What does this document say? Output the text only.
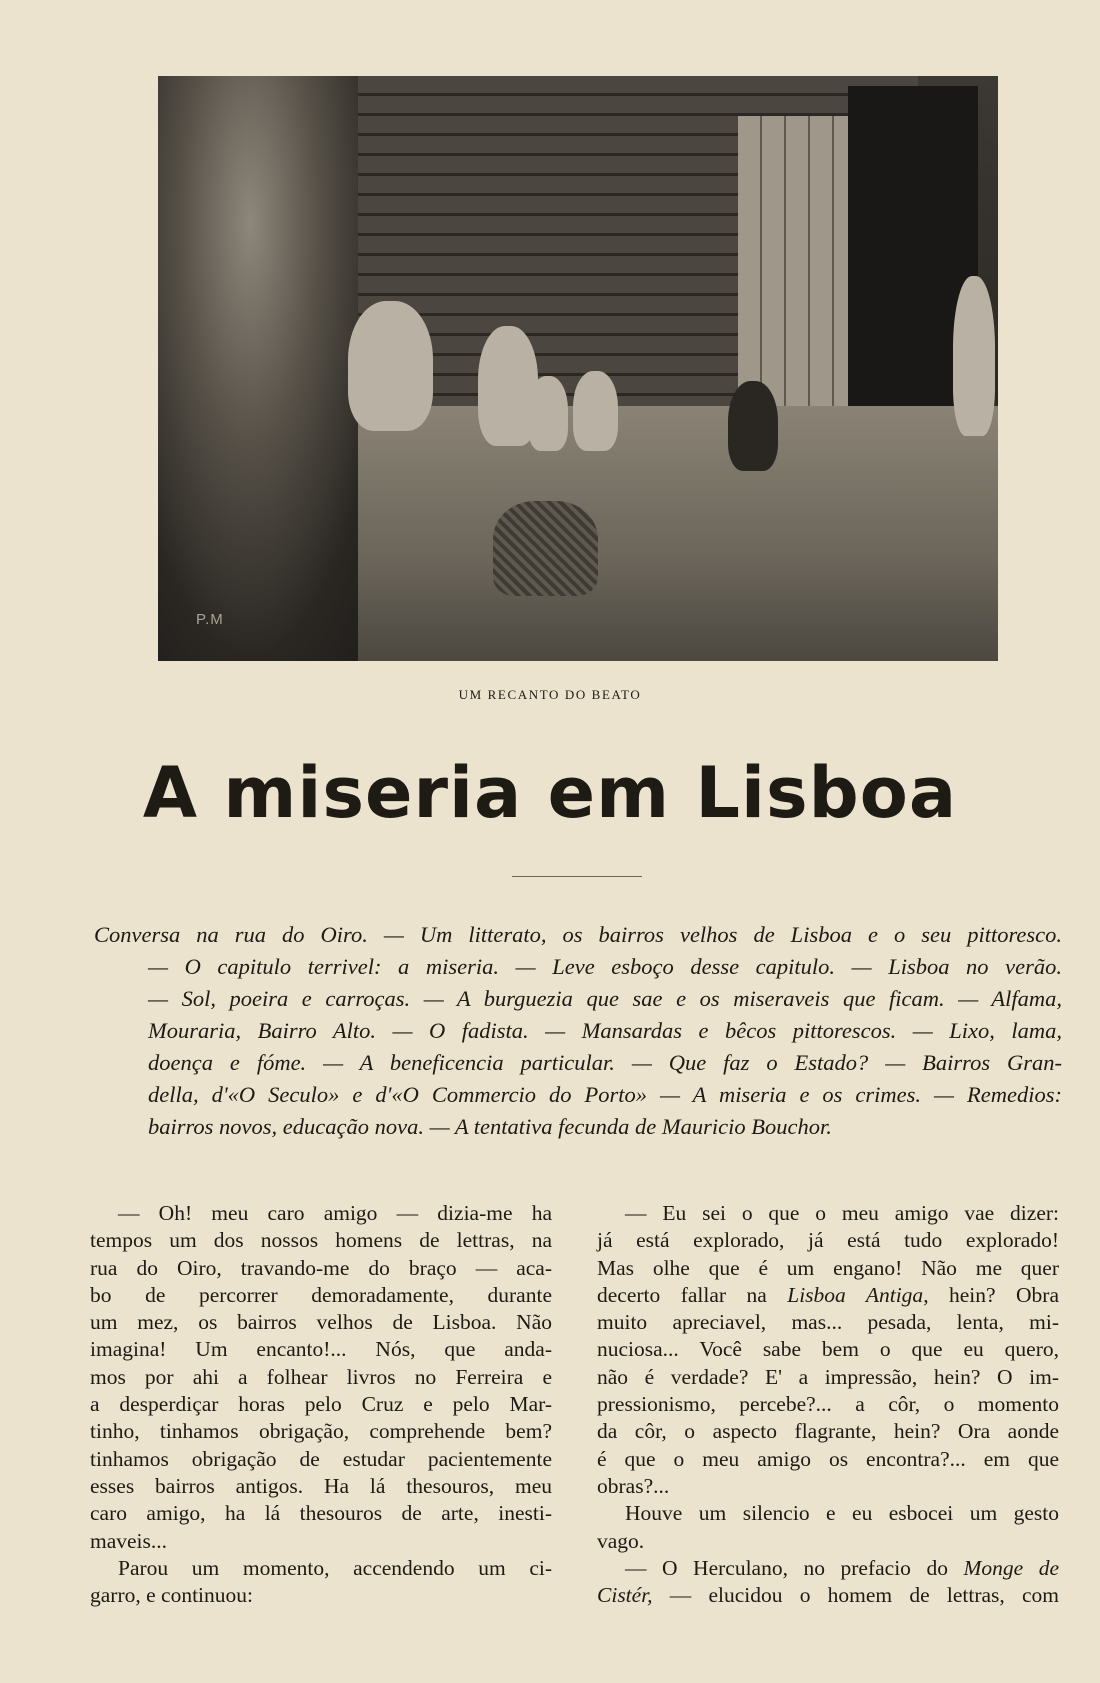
P.M
UM RECANTO DO BEATO
A miseria em Lisboa
Conversa na rua do Oiro. — Um litterato, os bairros velhos de Lisboa e o seu pittoresco.
— O capitulo terrivel: a miseria. — Leve esboço desse capitulo. — Lisboa no verão.
— Sol, poeira e carroças. — A burguezia que sae e os miseraveis que ficam. — Alfama,
Mouraria, Bairro Alto. — O fadista. — Mansardas e bêcos pittorescos. — Lixo, lama,
doença e fóme. — A beneficencia particular. — Que faz o Estado? — Bairros Gran-
della, d'«O Seculo» e d'«O Commercio do Porto» — A miseria e os crimes. — Remedios:
bairros novos, educação nova. — A tentativa fecunda de Mauricio Bouchor.
— Oh! meu caro amigo — dizia-me ha
tempos um dos nossos homens de lettras, na
rua do Oiro, travando-me do braço — aca-
bo de percorrer demoradamente, durante
um mez, os bairros velhos de Lisboa. Não
imagina! Um encanto!... Nós, que anda-
mos por ahi a folhear livros no Ferreira e
a desperdiçar horas pelo Cruz e pelo Mar-
tinho, tinhamos obrigação, comprehende bem?
tinhamos obrigação de estudar pacientemente
esses bairros antigos. Ha lá thesouros, meu
caro amigo, ha lá thesouros de arte, inesti-
maveis...
Parou um momento, accendendo um ci-
garro, e continuou:
— Eu sei o que o meu amigo vae dizer:
já está explorado, já está tudo explorado!
Mas olhe que é um engano! Não me quer
decerto fallar na Lisboa Antiga, hein? Obra
muito apreciavel, mas... pesada, lenta, mi-
nuciosa... Você sabe bem o que eu quero,
não é verdade? E' a impressão, hein? O im-
pressionismo, percebe?... a côr, o momento
da côr, o aspecto flagrante, hein? Ora aonde
é que o meu amigo os encontra?... em que
obras?...
Houve um silencio e eu esbocei um gesto
vago.
— O Herculano, no prefacio do Monge de
Cistér, — elucidou o homem de lettras, com
